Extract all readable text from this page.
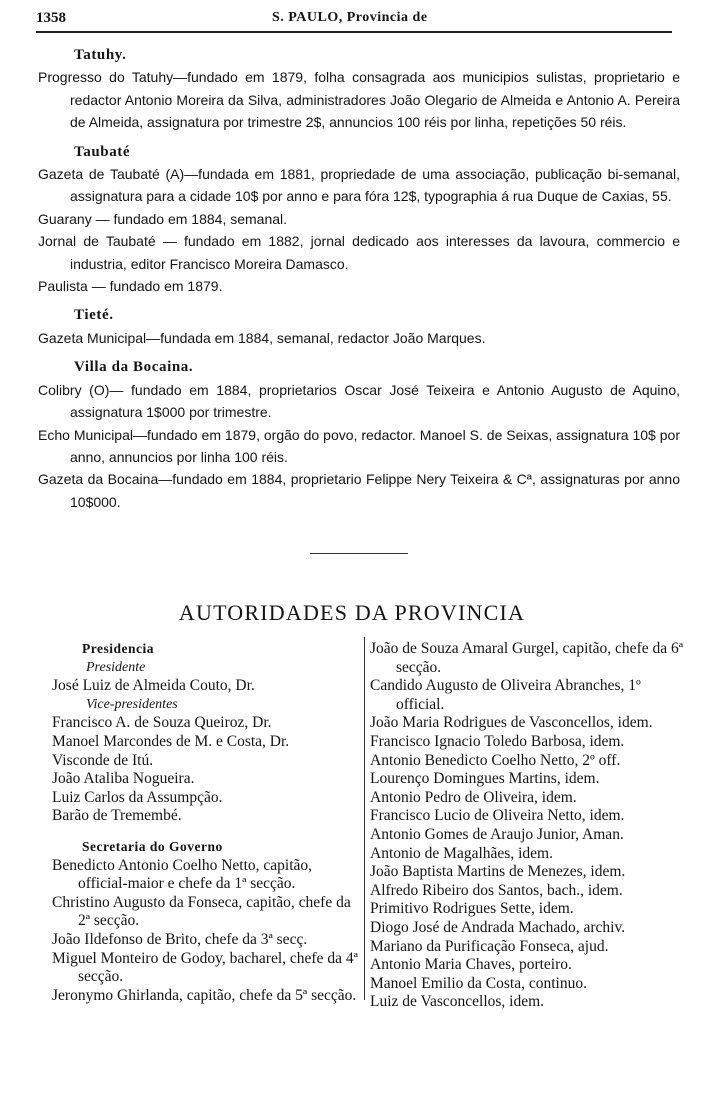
1358	S. PAULO, Provincia de
Tatuhy.
Progresso do Tatuhy—fundado em 1879, folha consagrada aos municipios sulistas, proprietario e redactor Antonio Moreira da Silva, administradores João Olegario de Almeida e Antonio A. Pereira de Almeida, assignatura por trimestre 2$, annuncios 100 réis por linha, repetições 50 réis.
Taubaté
Gazeta de Taubaté (A)—fundada em 1881, propriedade de uma associação, publicação bi-semanal, assignatura para a cidade 10$ por anno e para fóra 12$, typographia á rua Duque de Caxias, 55.
Guarany — fundado em 1884, semanal.
Jornal de Taubaté — fundado em 1882, jornal dedicado aos interesses da lavoura, commercio e industria, editor Francisco Moreira Damasco.
Paulista — fundado em 1879.
Tieté.
Gazeta Municipal—fundada em 1884, semanal, redactor João Marques.
Villa da Bocaina.
Colibry (O)— fundado em 1884, proprietarios Oscar José Teixeira e Antonio Augusto de Aquino, assignatura 1$000 por trimestre.
Echo Municipal—fundado em 1879, orgão do povo, redactor. Manoel S. de Seixas, assignatura 10$ por anno, annuncios por linha 100 réis.
Gazeta da Bocaina—fundado em 1884, proprietario Felippe Nery Teixeira & Cª, assignaturas por anno 10$000.
AUTORIDADES DA PROVINCIA
Presidencia
Presidente
José Luiz de Almeida Couto, Dr.
Vice-presidentes
Francisco A. de Souza Queiroz, Dr.
Manoel Marcondes de M. e Costa, Dr.
Visconde de Itú.
João Ataliba Nogueira.
Luiz Carlos da Assumpção.
Barão de Tremembé.
Secretaria do Governo
Benedicto Antonio Coelho Netto, capitão, official-maior e chefe da 1ª secção.
Christino Augusto da Fonseca, capitão, chefe da 2ª secção.
João Ildefonso de Brito, chefe da 3ª secç.
Miguel Monteiro de Godoy, bacharel, chefe da 4ª secção.
Jeronymo Ghirlanda, capitão, chefe da 5ª secção.
João de Souza Amaral Gurgel, capitão, chefe da 6ª secção.
Candido Augusto de Oliveira Abranches, 1º official.
João Maria Rodrigues de Vasconcellos, idem.
Francisco Ignacio Toledo Barbosa, idem.
Antonio Benedicto Coelho Netto, 2º off.
Lourenço Domingues Martins, idem.
Antonio Pedro de Oliveira, idem.
Francisco Lucio de Oliveira Netto, idem.
Antonio Gomes de Araujo Junior, Aman.
Antonio de Magalhães, idem.
João Baptista Martins de Menezes, idem.
Alfredo Ribeiro dos Santos, bach., idem.
Primitivo Rodrigues Sette, idem.
Diogo José de Andrada Machado, archiv.
Mariano da Purificação Fonseca, ajud.
Antonio Maria Chaves, porteiro.
Manoel Emilio da Costa, continuo.
Luiz de Vasconcellos, idem.
